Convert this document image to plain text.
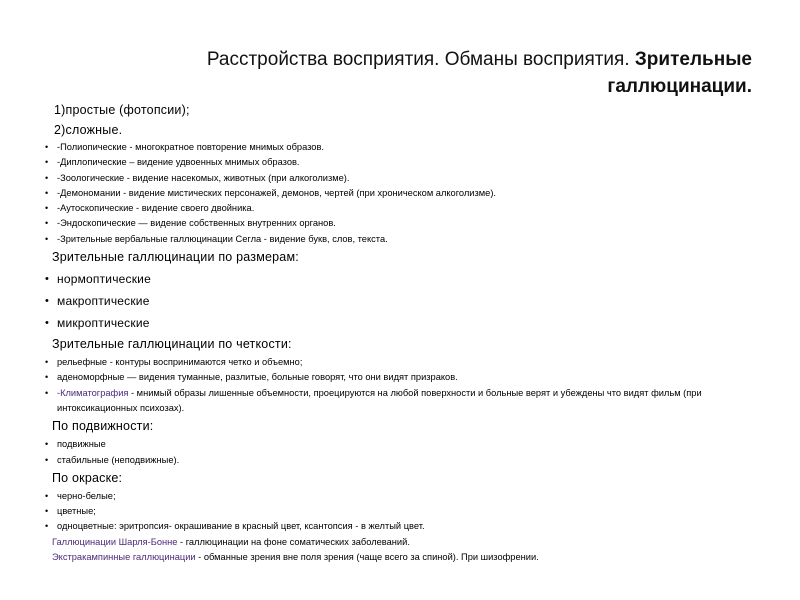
Расстройства восприятия. Обманы восприятия. Зрительные галлюцинации.
1)простые (фотопсии);
2)сложные.
• -Полиопические - многократное повторение мнимых образов.
• -Диплопические – видение удвоенных мнимых образов.
• -Зоологические - видение насекомых, животных (при алкоголизме).
• -Демономании - видение мистических персонажей, демонов, чертей (при хроническом алкоголизме).
• -Аутоскопические - видение своего двойника.
• -Эндоскопические — видение собственных внутренних органов.
• -Зрительные вербальные галлюцинации Сегла - видение букв, слов, текста.
Зрительные галлюцинации по размерам:
• нормоптические
• макроптические
• микроптические
Зрительные галлюцинации по четкости:
• рельефные - контуры воспринимаются четко и объемно;
• аденоморфные — видения туманные, разлитые, больные говорят, что они видят призраков.
• -Климатография - мнимый образы лишенные объемности, проецируются на любой поверхности и больные верят и убеждены что видят фильм (при интоксикационных психозах).
По подвижности:
• подвижные
• стабильные (неподвижные).
По окраске:
• черно-белые;
• цветные;
• одноцветные: эритропсия- окрашивание в красный цвет, ксантопсия - в желтый цвет.
Галлюцинации Шарля-Бонне - галлюцинации на фоне соматических заболеваний.
Экстракампинные галлюцинации - обманные зрения вне поля зрения (чаще всего за спиной). При шизофрении.
